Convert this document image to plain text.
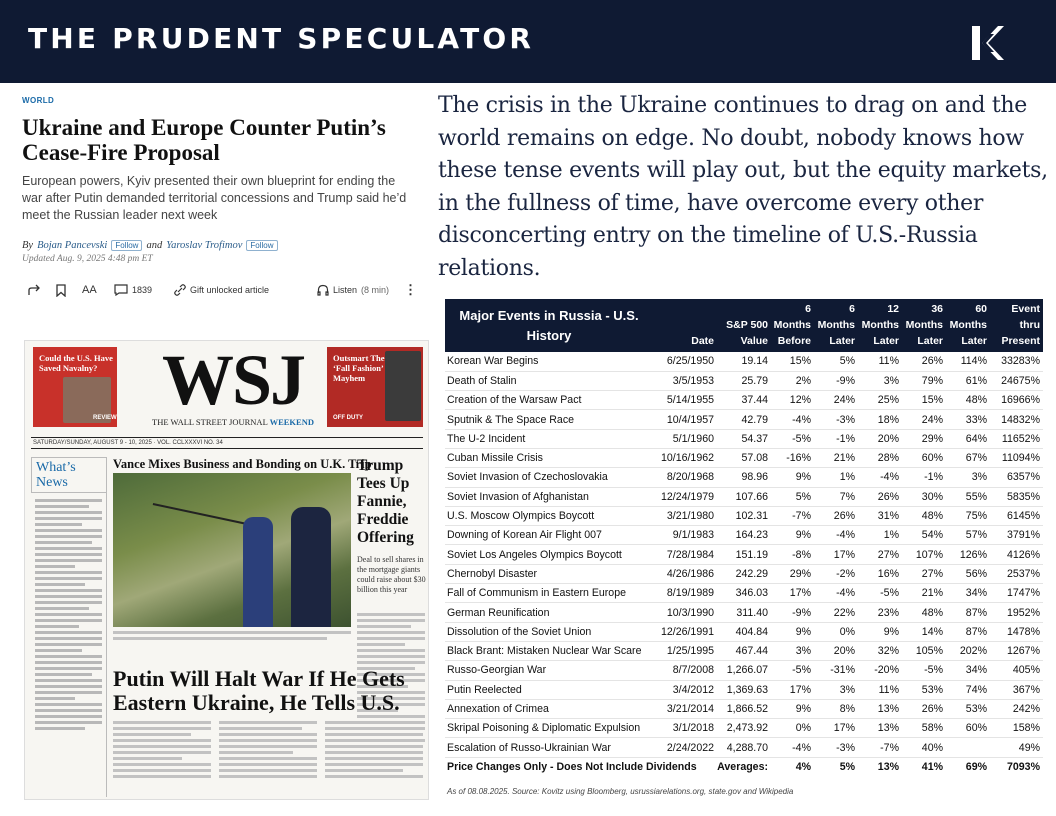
THE PRUDENT SPECULATOR
WORLD
Ukraine and Europe Counter Putin’s Cease-Fire Proposal
European powers, Kyiv presented their own blueprint for ending the war after Putin demanded territorial concessions and Trump said he’d meet the Russian leader next week
By Bojan Pancevski	Follow and Yaroslav Trofimov	Follow
Updated Aug. 9, 2025 4:48 pm ET
AA	1839	Gift unlocked article	Listen (8 min) ⋮
Could the U.S. Have Saved Navalny?
REVIEW WSJ
THE WALL STREET JOURNAL WEEKEND
Outsmart The ‘Fall Fashion’ Mayhem
OFF DUTY
SATURDAY/SUNDAY, AUGUST 9 - 10, 2025 · VOL. CCLXXXVI NO. 34
What’s News
Vance Mixes Business and Bonding on U.K. Trip
Trump Tees Up Fannie, Freddie Offering
Deal to sell shares in the mortgage giants could raise about $30 billion this year
Putin Will Halt War If He Gets Eastern Ukraine, He Tells U.S.
The crisis in the Ukraine continues to drag on and the world remains on edge. No doubt, nobody knows how these tense events will play out, but the equity markets, in the fullness of time, have overcome every other disconcerting entry on the timeline of U.S.-Russia relations.
Major Events in Russia - U.S. History	Date	S&P 500 Value	6 Months Before	6 Months Later	12 Months Later	36 Months Later	60 Months Later	Event thru Present
Korean War Begins	6/25/1950	19.14	15%	5%	11%	26%	114%	33283%
Death of Stalin	3/5/1953	25.79	2%	-9%	3%	79%	61%	24675%
Creation of the Warsaw Pact	5/14/1955	37.44	12%	24%	25%	15%	48%	16966%
Sputnik & The Space Race	10/4/1957	42.79	-4%	-3%	18%	24%	33%	14832%
The U-2 Incident	5/1/1960	54.37	-5%	-1%	20%	29%	64%	11652%
Cuban Missile Crisis	10/16/1962	57.08	-16%	21%	28%	60%	67%	11094%
Soviet Invasion of Czechoslovakia	8/20/1968	98.96	9%	1%	-4%	-1%	3%	6357%
Soviet Invasion of Afghanistan	12/24/1979	107.66	5%	7%	26%	30%	55%	5835%
U.S. Moscow Olympics Boycott	3/21/1980	102.31	-7%	26%	31%	48%	75%	6145%
Downing of Korean Air Flight 007	9/1/1983	164.23	9%	-4%	1%	54%	57%	3791%
Soviet Los Angeles Olympics Boycott	7/28/1984	151.19	-8%	17%	27%	107%	126%	4126%
Chernobyl Disaster	4/26/1986	242.29	29%	-2%	16%	27%	56%	2537%
Fall of Communism in Eastern Europe	8/19/1989	346.03	17%	-4%	-5%	21%	34%	1747%
German Reunification	10/3/1990	311.40	-9%	22%	23%	48%	87%	1952%
Dissolution of the Soviet Union	12/26/1991	404.84	9%	0%	9%	14%	87%	1478%
Black Brant: Mistaken Nuclear War Scare	1/25/1995	467.44	3%	20%	32%	105%	202%	1267%
Russo-Georgian War	8/7/2008	1,266.07	-5%	-31%	-20%	-5%	34%	405%
Putin Reelected	3/4/2012	1,369.63	17%	3%	11%	53%	74%	367%
Annexation of Crimea	3/21/2014	1,866.52	9%	8%	13%	26%	53%	242%
Skripal Poisoning & Diplomatic Expulsion	3/1/2018	2,473.92	0%	17%	13%	58%	60%	158%
Escalation of Russo-Ukrainian War	2/24/2022	4,288.70	-4%	-3%	-7%	40%		49%
Price Changes Only - Does Not Include Dividends	Averages:		4%	5%	13%	41%	69%	7093%
As of 08.08.2025. Source: Kovitz using Bloomberg, usrussiarelations.org, state.gov and Wikipedia
